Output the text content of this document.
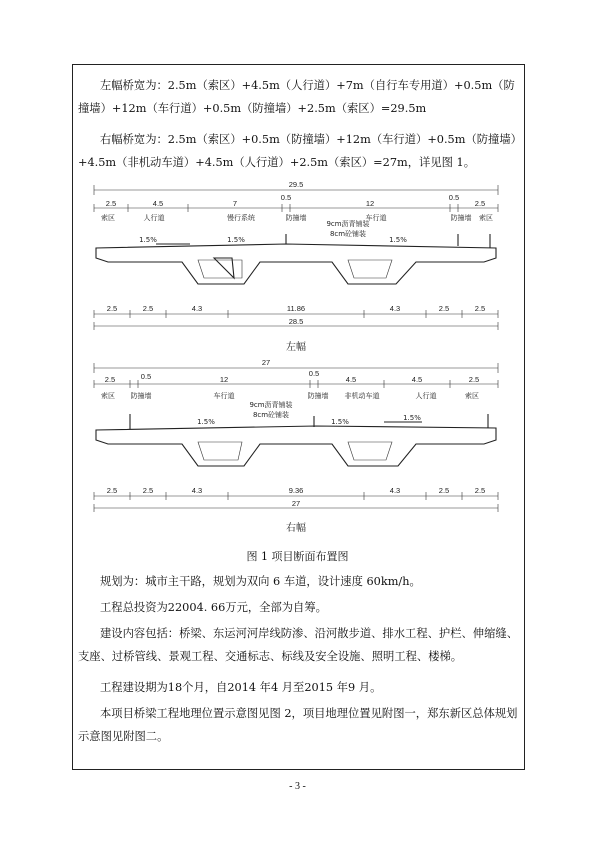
左幅桥宽为：2.5m（索区）+4.5m（人行道）+7m（自行车专用道）+0.5m（防撞墙）+12m（车行道）+0.5m（防撞墙）+2.5m（索区）=29.5m

右幅桥宽为：2.5m（索区）+0.5m（防撞墙）+12m（车行道）+0.5m（防撞墙）+4.5m（非机动车道）+4.5m（人行道）+2.5m（索区）=27m，详见图 1。

29.5
2.5	4.5	7
0.5
12
0.5
2.5
索区	人行道	慢行系统	防撞墙	车行道	防撞墙 索区
9cm沥青铺装
8cm砼铺装
1.5%	1.5%	1.5%
2.5	2.5	4.3	11.86	4.3	2.5	2.5
28.5
左幅
27
2.5	0.5	12
0.5
4.5	4.5	2.5
索区 防撞墙	车行道	防撞墙 非机动车道	人行道	索区
9cm沥青铺装
8cm砼铺装
1.5%	1.5%	1.5%
2.5	2.5	4.3	9.36	4.3	2.5	2.5
27
右幅
图 1 项目断面布置图

规划为：城市主干路，规划为双向 6 车道，设计速度 60km/h。

工程总投资为22004. 66万元，全部为自筹。

建设内容包括：桥梁、东运河河岸线防渗、沿河散步道、排水工程、护栏、伸缩缝、支座、过桥管线、景观工程、交通标志、标线及安全设施、照明工程、楼梯。

工程建设期为18个月，自2014 年4 月至2015 年9 月。

本项目桥梁工程地理位置示意图见图 2，项目地理位置见附图一，郑东新区总体规划示意图见附图二。

- 3 -
